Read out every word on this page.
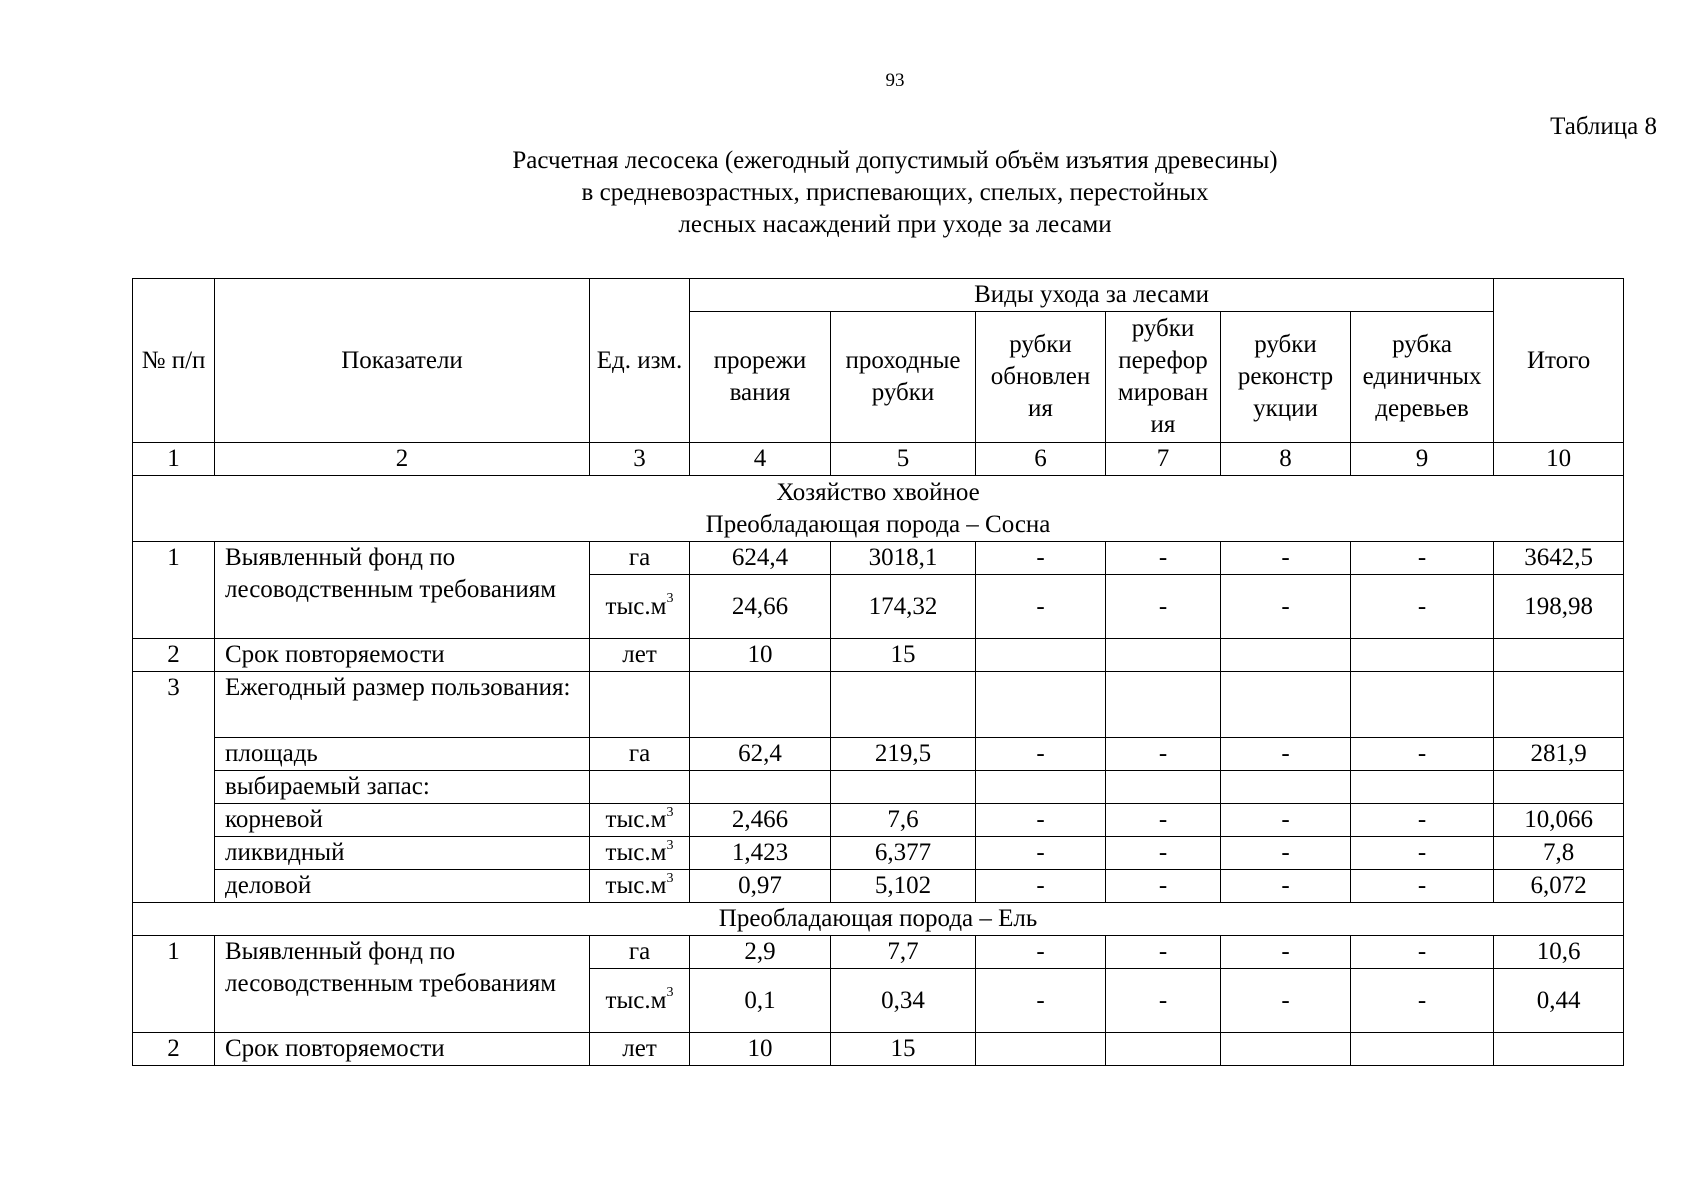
93
Таблица 8
Расчетная лесосека (ежегодный допустимый объём изъятия древесины)
в средневозрастных, приспевающих, спелых, перестойных
лесных насаждений при уходе за лесами
№ п/п	Показатели	Ед. изм.	Виды ухода за лесами						Итого
			прорежи вания	проходные рубки	рубки обновлен ия	рубки перефор мирован ия	рубки реконстр укции	рубка единичных деревьев	
1	2	3	4	5	6	7	8	9	10

Хозяйство хвойное
Преобладающая порода – Сосна									

1	Выявленный фонд по лесоводственным требованиям	га	624,4	3018,1	-	-	-	-	3642,5
		$тыс.м^3$	24,66	174,32	-	-	-	-	198,98
2	Срок повторяемости	лет	10	15					
3	Ежегодный размер пользования:								
	площадь	га	62,4	219,5	-	-	-	-	281,9
	выбираемый запас:								
	корневой	$тыс.м^3$	2,466	7,6	-	-	-	-	10,066
	ликвидный	$тыс.м^3$	1,423	6,377	-	-	-	-	7,8
	деловой	$тыс.м^3$	0,97	5,102	-	-	-	-	6,072

Преобладающая порода – Ель									
1	Выявленный фонд по лесоводственным требованиям	га	2,9	7,7	-	-	-	-	10,6
		$тыс.м^3$	0,1	0,34	-	-	-	-	0,44
2	Срок повторяемости	лет	10	15					
